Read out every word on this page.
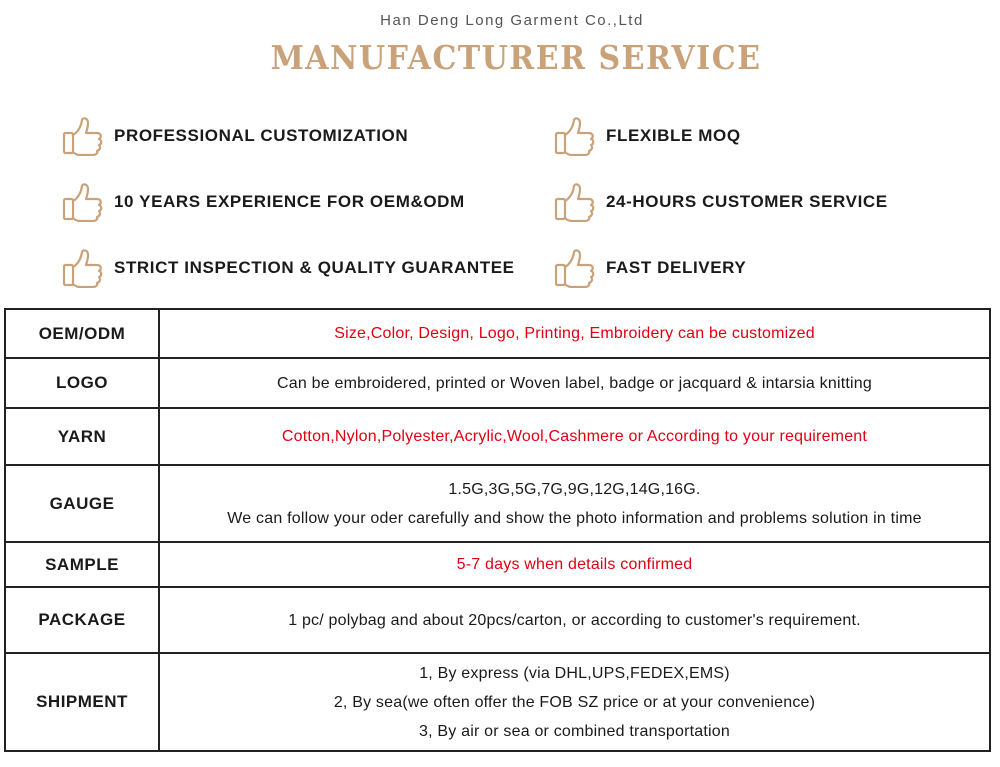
Han Deng Long Garment Co.,Ltd
MANUFACTURER SERVICE
PROFESSIONAL CUSTOMIZATION	FLEXIBLE MOQ
10 YEARS EXPERIENCE FOR OEM&ODM	24-HOURS CUSTOMER SERVICE
STRICT INSPECTION & QUALITY GUARANTEE	FAST DELIVERY
OEM/ODM	Size,Color, Design, Logo, Printing, Embroidery can be customized

LOGO	Can be embroidered, printed or Woven label, badge or jacquard & intarsia knitting

YARN	Cotton,Nylon,Polyester,Acrylic,Wool,Cashmere or According to your requirement

GAUGE	1.5G,3G,5G,7G,9G,12G,14G,16G.
We can follow your oder carefully and show the photo information and problems solution in time

SAMPLE	5-7 days when details confirmed

PACKAGE	1 pc/ polybag and about 20pcs/carton, or according to customer's requirement.

SHIPMENT	1, By express (via DHL,UPS,FEDEX,EMS)
2, By sea(we often offer the FOB SZ price or at your convenience)
3, By air or sea or combined transportation
